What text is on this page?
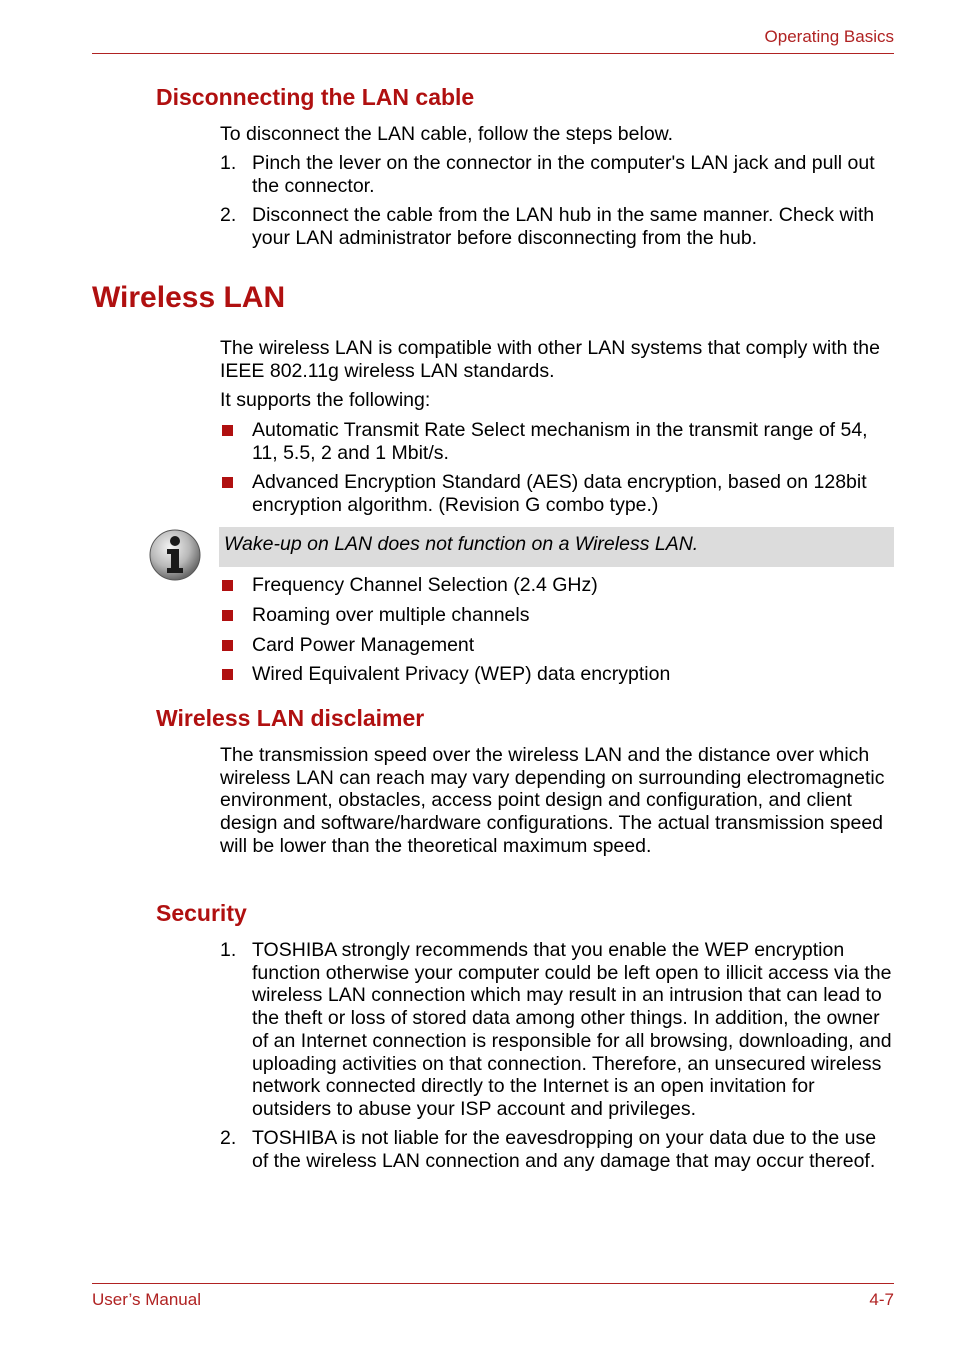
Operating Basics
Disconnecting the LAN cable
To disconnect the LAN cable, follow the steps below.
1. Pinch the lever on the connector in the computer's LAN jack and pull out the connector.
2. Disconnect the cable from the LAN hub in the same manner. Check with your LAN administrator before disconnecting from the hub.
Wireless LAN
The wireless LAN is compatible with other LAN systems that comply with the IEEE 802.11g wireless LAN standards.
It supports the following:
Automatic Transmit Rate Select mechanism in the transmit range of 54, 11, 5.5, 2 and 1 Mbit/s.
Advanced Encryption Standard (AES) data encryption, based on 128bit encryption algorithm. (Revision G combo type.)
Wake-up on LAN does not function on a Wireless LAN.
Frequency Channel Selection (2.4 GHz)
Roaming over multiple channels
Card Power Management
Wired Equivalent Privacy (WEP) data encryption
Wireless LAN disclaimer
The transmission speed over the wireless LAN and the distance over which wireless LAN can reach may vary depending on surrounding electromagnetic environment, obstacles, access point design and configuration, and client design and software/hardware configurations. The actual transmission speed will be lower than the theoretical maximum speed.
Security
1. TOSHIBA strongly recommends that you enable the WEP encryption function otherwise your computer could be left open to illicit access via the wireless LAN connection which may result in an intrusion that can lead to the theft or loss of stored data among other things. In addition, the owner of an Internet connection is responsible for all browsing, downloading, and uploading activities on that connection. Therefore, an unsecured wireless network connected directly to the Internet is an open invitation for outsiders to abuse your ISP account and privileges.
2. TOSHIBA is not liable for the eavesdropping on your data due to the use of the wireless LAN connection and any damage that may occur thereof.
User’s Manual	4-7
